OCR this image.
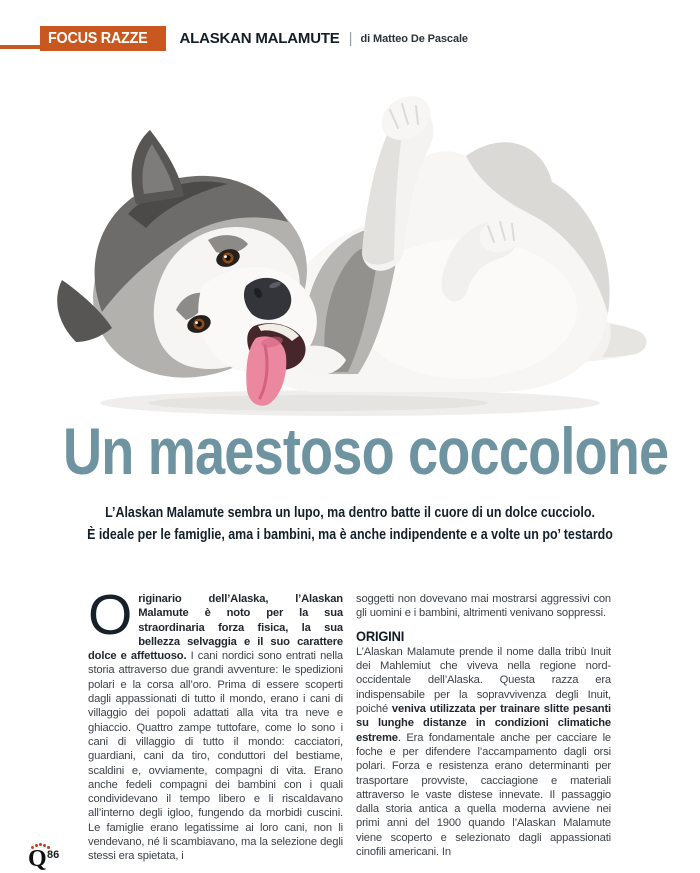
FOCUS RAZZE ALASKAN MALAMUTE | di Matteo De Pascale
Un maestoso coccolone
L’Alaskan Malamute sembra un lupo, ma dentro batte il cuore di un dolce cucciolo.
È ideale per le famiglie, ama i bambini, ma è anche indipendente e a volte un po’ testardo

Originario dell’Alaska, l’Alaskan Malamute è noto per la sua straordinaria forza fisica, la sua bellezza selvaggia e il suo carattere dolce e affettuoso. I cani nordici sono entrati nella storia attraverso due grandi avventure: le spedizioni polari e la corsa all’oro. Prima di essere scoperti dagli appassionati di tutto il mondo, erano i cani di villaggio dei popoli adattati alla vita tra neve e ghiaccio. Quattro zampe tuttofare, come lo sono i cani di villaggio di tutto il mondo: cacciatori, guardiani, cani da tiro, conduttori del bestiame, scaldini e, ovviamente, compagni di vita. Erano anche fedeli compagni dei bambini con i quali condividevano il tempo libero e li riscaldavano all’interno degli igloo, fungendo da morbidi cuscini. Le famiglie erano legatissime ai loro cani, non li vendevano, né li scambiavano, ma la selezione degli stessi era spietata, i

soggetti non dovevano mai mostrarsi aggressivi con gli uomini e i bambini, altrimenti venivano soppressi.

ORIGINI

L’Alaskan Malamute prende il nome dalla tribù Inuit dei Mahlemiut che viveva nella regione nord-occidentale dell’Alaska. Questa razza era indispensabile per la sopravvivenza degli Inuit, poiché veniva utilizzata per trainare slitte pesanti su lunghe distanze in condizioni climatiche estreme. Era fondamentale anche per cacciare le foche e per difendere l’accampamento dagli orsi polari. Forza e resistenza erano determinanti per trasportare provviste, cacciagione e materiali attraverso le vaste distese innevate. Il passaggio dalla storia antica a quella moderna avviene nei primi anni del 1900 quando l’Alaskan Malamute viene scoperto e selezionato dagli appassionati cinofili americani. In

Q 86
